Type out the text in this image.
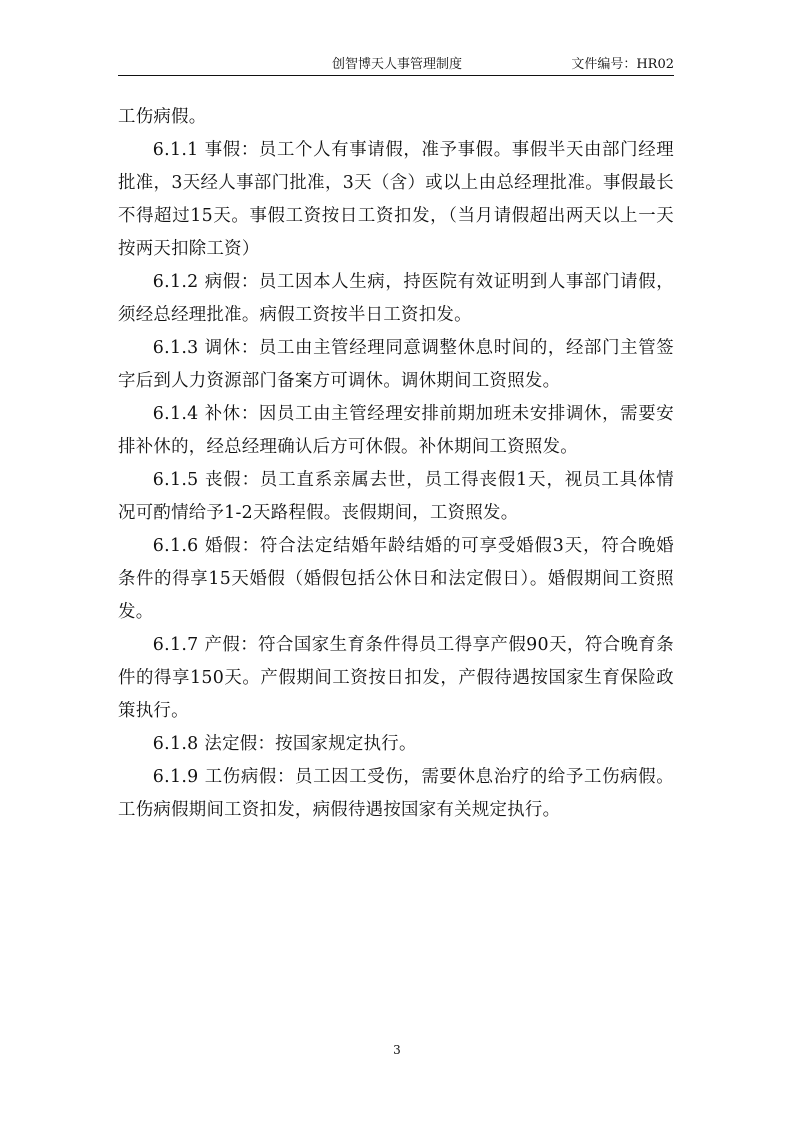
创智博天人事管理制度	文件编号：HR02

工伤病假。

6.1.1 事假：员工个人有事请假，准予事假。事假半天由部门经理批准，3天经人事部门批准，3天（含）或以上由总经理批准。事假最长不得超过15天。事假工资按日工资扣发，（当月请假超出两天以上一天按两天扣除工资）

6.1.2 病假：员工因本人生病，持医院有效证明到人事部门请假，须经总经理批准。病假工资按半日工资扣发。

6.1.3 调休：员工由主管经理同意调整休息时间的，经部门主管签字后到人力资源部门备案方可调休。调休期间工资照发。

6.1.4 补休：因员工由主管经理安排前期加班未安排调休，需要安排补休的，经总经理确认后方可休假。补休期间工资照发。

6.1.5 丧假：员工直系亲属去世，员工得丧假1天，视员工具体情况可酌情给予1-2天路程假。丧假期间，工资照发。

6.1.6 婚假：符合法定结婚年龄结婚的可享受婚假3天，符合晚婚条件的得享15天婚假（婚假包括公休日和法定假日）。婚假期间工资照发。

6.1.7 产假：符合国家生育条件得员工得享产假90天，符合晚育条件的得享150天。产假期间工资按日扣发，产假待遇按国家生育保险政策执行。

6.1.8 法定假：按国家规定执行。

6.1.9 工伤病假：员工因工受伤，需要休息治疗的给予工伤病假。工伤病假期间工资扣发，病假待遇按国家有关规定执行。

3
